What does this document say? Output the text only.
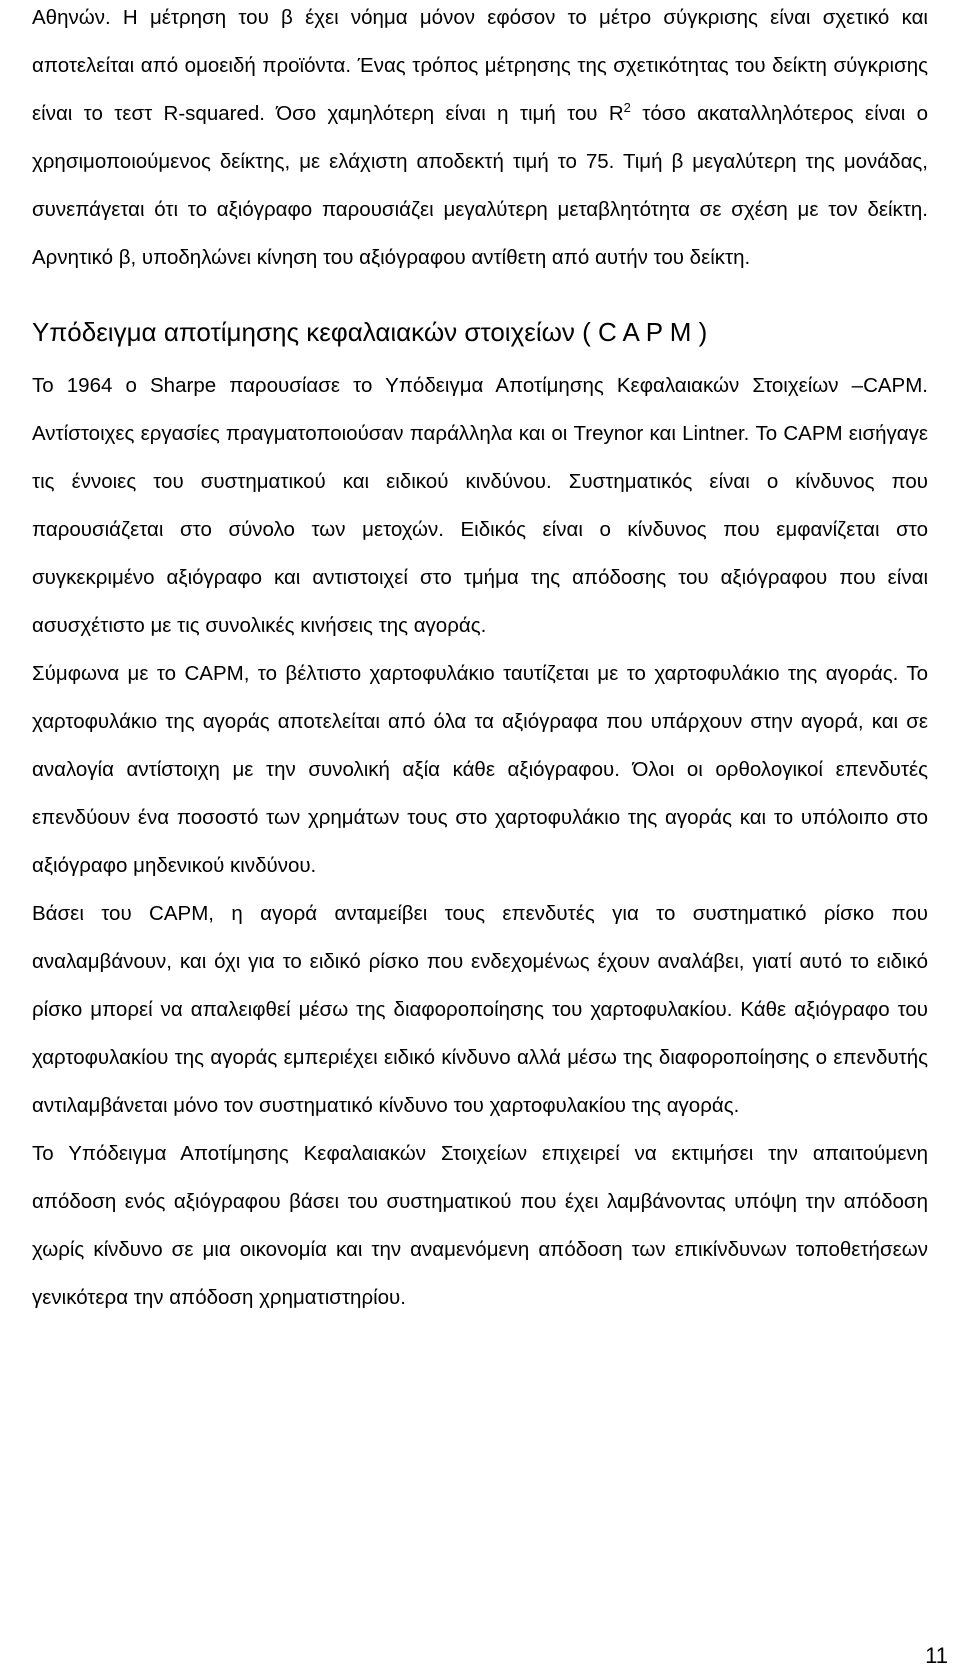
Αθηνών. Η μέτρηση του β έχει νόημα μόνον εφόσον το μέτρο σύγκρισης είναι σχετικό και αποτελείται από ομοειδή προϊόντα. Ένας τρόπος μέτρησης της σχετικότητας του δείκτη σύγκρισης είναι το τεστ R-squared. Όσο χαμηλότερη είναι η τιμή του $R^2$ τόσο ακαταλληλότερος είναι ο χρησιμοποιούμενος δείκτης, με ελάχιστη αποδεκτή τιμή το 75. Τιμή β μεγαλύτερη της μονάδας, συνεπάγεται ότι το αξιόγραφο παρουσιάζει μεγαλύτερη μεταβλητότητα σε σχέση με τον δείκτη. Αρνητικό β, υποδηλώνει κίνηση του αξιόγραφου αντίθετη από αυτήν του δείκτη.

Υπόδειγμα αποτίμησης κεφαλαιακών στοιχείων ( C A P M )

Το 1964 ο Sharpe παρουσίασε το Υπόδειγμα Αποτίμησης Κεφαλαιακών Στοιχείων –CAPM. Αντίστοιχες εργασίες πραγματοποιούσαν παράλληλα και οι Treynor και Lintner. Το CAPM εισήγαγε τις έννοιες του συστηματικού και ειδικού κινδύνου. Συστηματικός είναι ο κίνδυνος που παρουσιάζεται στο σύνολο των μετοχών. Ειδικός είναι ο κίνδυνος που εμφανίζεται στο συγκεκριμένο αξιόγραφο και αντιστοιχεί στο τμήμα της απόδοσης του αξιόγραφου που είναι ασυσχέτιστο με τις συνολικές κινήσεις της αγοράς.

Σύμφωνα με το CAPM, το βέλτιστο χαρτοφυλάκιο ταυτίζεται με το χαρτοφυλάκιο της αγοράς. Το χαρτοφυλάκιο της αγοράς αποτελείται από όλα τα αξιόγραφα που υπάρχουν στην αγορά, και σε αναλογία αντίστοιχη με την συνολική αξία κάθε αξιόγραφου. Όλοι οι ορθολογικοί επενδυτές επενδύουν ένα ποσοστό των χρημάτων τους στο χαρτοφυλάκιο της αγοράς και το υπόλοιπο στο αξιόγραφο μηδενικού κινδύνου.

Βάσει του CAPM, η αγορά ανταμείβει τους επενδυτές για το συστηματικό ρίσκο που αναλαμβάνουν, και όχι για το ειδικό ρίσκο που ενδεχομένως έχουν αναλάβει, γιατί αυτό το ειδικό ρίσκο μπορεί να απαλειφθεί μέσω της διαφοροποίησης του χαρτοφυλακίου. Κάθε αξιόγραφο του χαρτοφυλακίου της αγοράς εμπεριέχει ειδικό κίνδυνο αλλά μέσω της διαφοροποίησης ο επενδυτής αντιλαμβάνεται μόνο τον συστηματικό κίνδυνο του χαρτοφυλακίου της αγοράς.

Το Υπόδειγμα Αποτίμησης Κεφαλαιακών Στοιχείων επιχειρεί να εκτιμήσει την απαιτούμενη απόδοση ενός αξιόγραφου βάσει του συστηματικού που έχει λαμβάνοντας υπόψη την απόδοση χωρίς κίνδυνο σε μια οικονομία και την αναμενόμενη απόδοση των επικίνδυνων τοποθετήσεων γενικότερα την απόδοση χρηματιστηρίου.

11
